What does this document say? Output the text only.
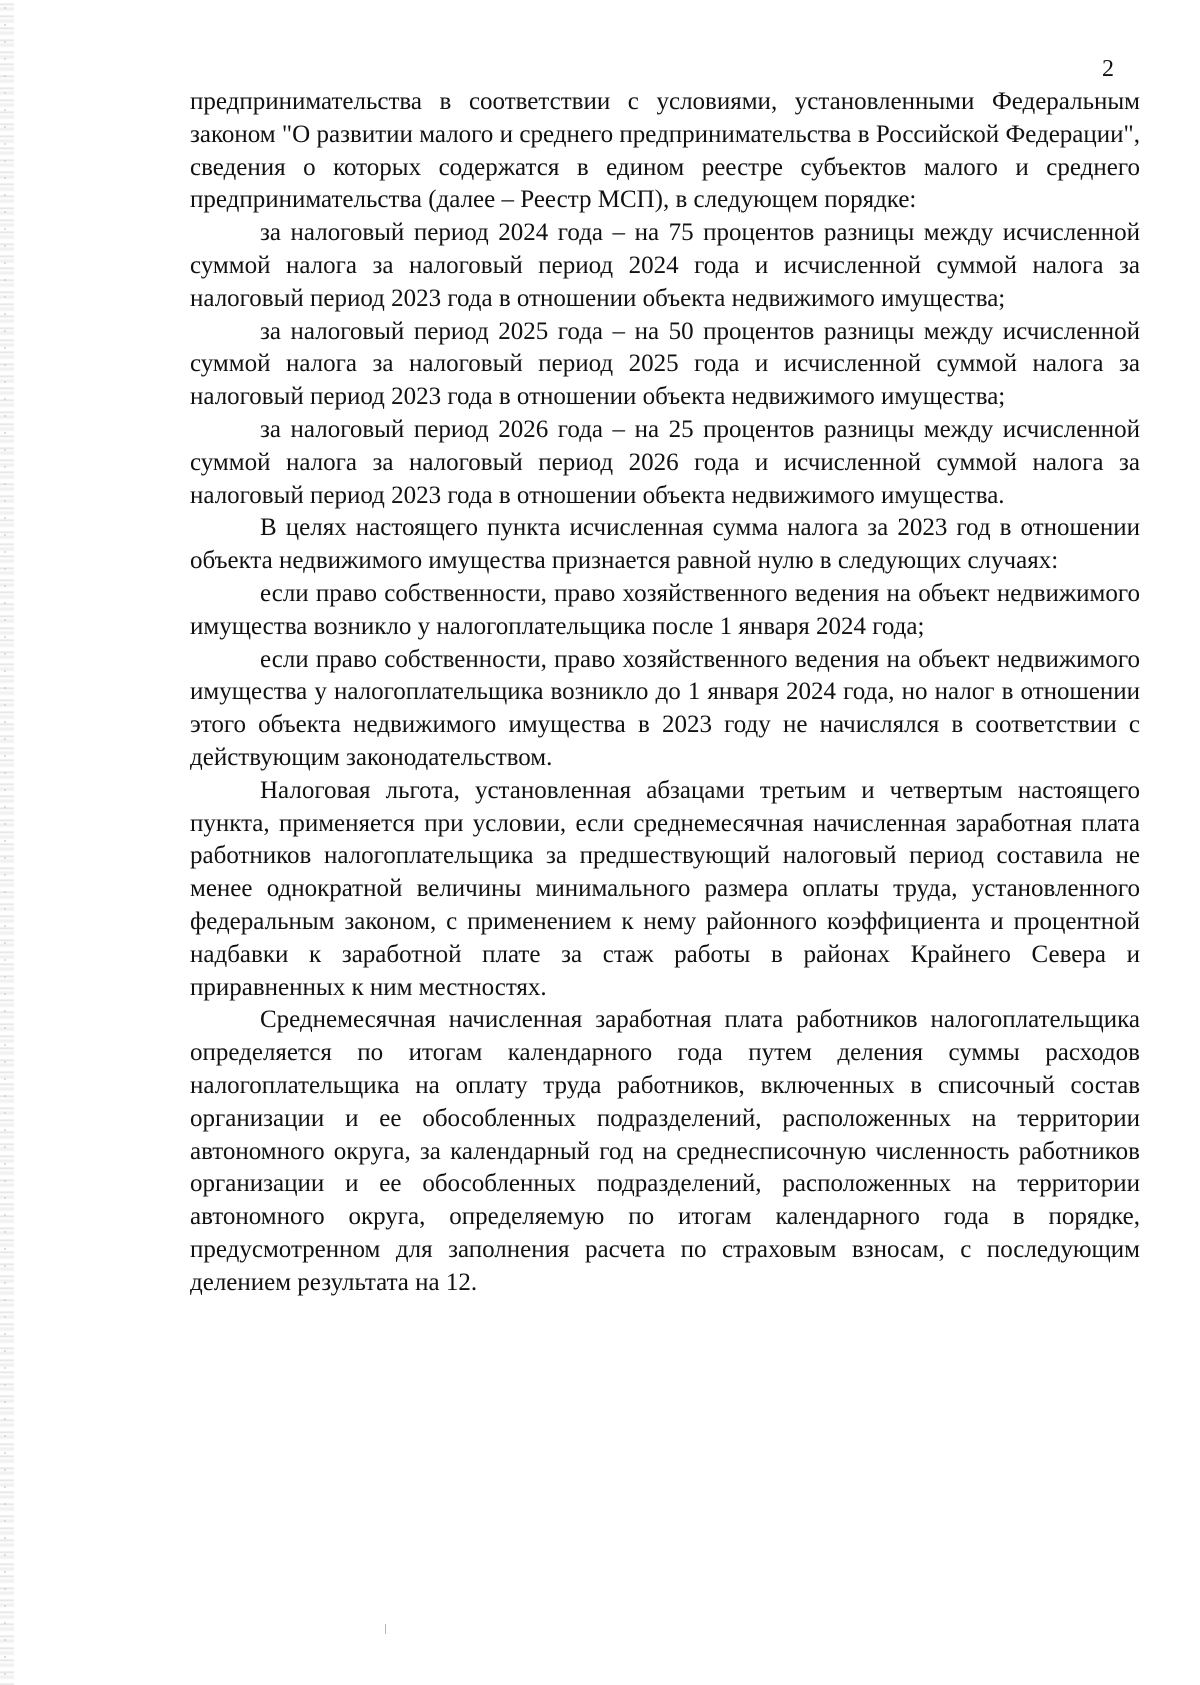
2

предпринимательства в соответствии с условиями, установленными Федеральным законом "О развитии малого и среднего предпринимательства в Российской Федерации", сведения о которых содержатся в едином реестре субъектов малого и среднего предпринимательства (далее – Реестр МСП), в следующем порядке:

за налоговый период 2024 года – на 75 процентов разницы между исчисленной суммой налога за налоговый период 2024 года и исчисленной суммой налога за налоговый период 2023 года в отношении объекта недвижимого имущества;

за налоговый период 2025 года – на 50 процентов разницы между исчисленной суммой налога за налоговый период 2025 года и исчисленной суммой налога за налоговый период 2023 года в отношении объекта недвижимого имущества;

за налоговый период 2026 года – на 25 процентов разницы между исчисленной суммой налога за налоговый период 2026 года и исчисленной суммой налога за налоговый период 2023 года в отношении объекта недвижимого имущества.

В целях настоящего пункта исчисленная сумма налога за 2023 год в отношении объекта недвижимого имущества признается равной нулю в следующих случаях:

если право собственности, право хозяйственного ведения на объект недвижимого имущества возникло у налогоплательщика после 1 января 2024 года;

если право собственности, право хозяйственного ведения на объект недвижимого имущества у налогоплательщика возникло до 1 января 2024 года, но налог в отношении этого объекта недвижимого имущества в 2023 году не начислялся в соответствии с действующим законодательством.

Налоговая льгота, установленная абзацами третьим и четвертым настоящего пункта, применяется при условии, если среднемесячная начисленная заработная плата работников налогоплательщика за предшествующий налоговый период составила не менее однократной величины минимального размера оплаты труда, установленного федеральным законом, с применением к нему районного коэффициента и процентной надбавки к заработной плате за стаж работы в районах Крайнего Севера и приравненных к ним местностях.

Среднемесячная начисленная заработная плата работников налогоплательщика определяется по итогам календарного года путем деления суммы расходов налогоплательщика на оплату труда работников, включенных в списочный состав организации и ее обособленных подразделений, расположенных на территории автономного округа, за календарный год на среднесписочную численность работников организации и ее обособленных подразделений, расположенных на территории автономного округа, определяемую по итогам календарного года в порядке, предусмотренном для заполнения расчета по страховым взносам, с последующим делением результата на 12.
